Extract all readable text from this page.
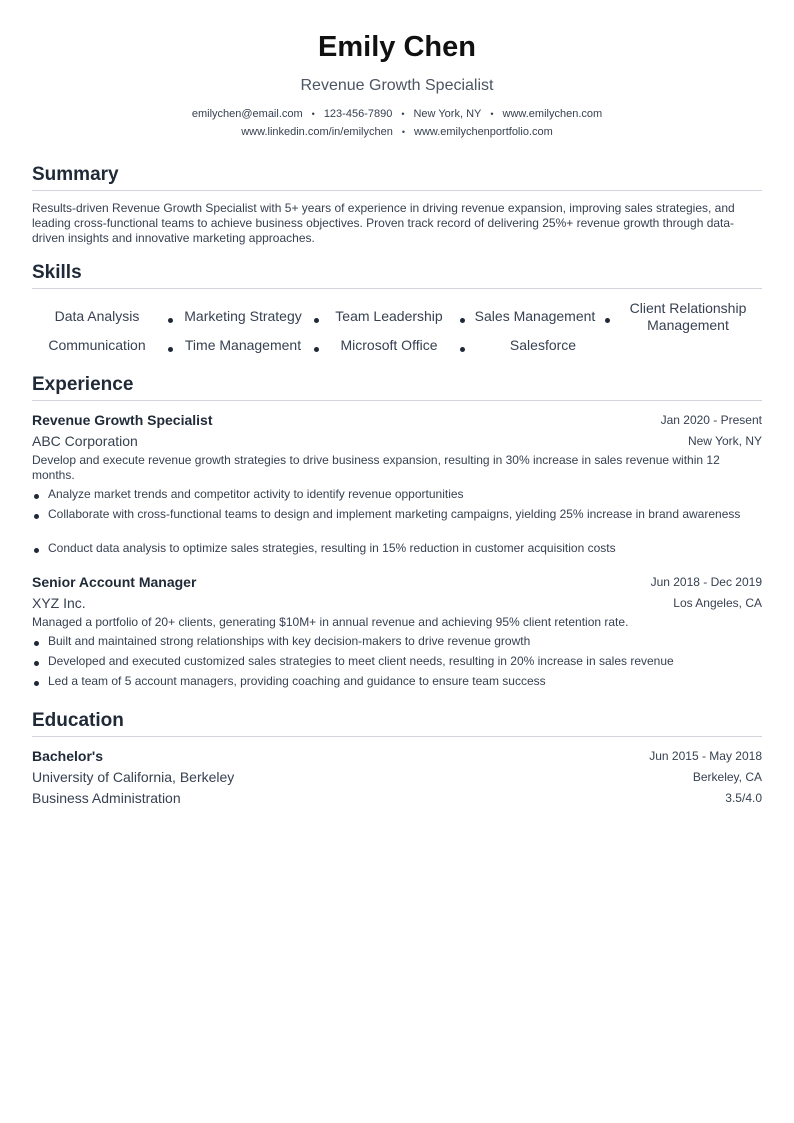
Emily Chen
Revenue Growth Specialist
emilychen@email.com • 123-456-7890 • New York, NY • www.emilychen.com
www.linkedin.com/in/emilychen • www.emilychenportfolio.com
Summary
Results-driven Revenue Growth Specialist with 5+ years of experience in driving revenue expansion, improving sales strategies, and leading cross-functional teams to achieve business objectives. Proven track record of delivering 25%+ revenue growth through data-driven insights and innovative marketing approaches.
Skills
Data Analysis	Marketing Strategy	Team Leadership	Sales Management	Client Relationship Management
Communication	Time Management	Microsoft Office	Salesforce
Experience
Revenue Growth Specialist	Jan 2020 - Present
ABC Corporation	New York, NY
Develop and execute revenue growth strategies to drive business expansion, resulting in 30% increase in sales revenue within 12 months.
Analyze market trends and competitor activity to identify revenue opportunities
Collaborate with cross-functional teams to design and implement marketing campaigns, yielding 25% increase in brand awareness
Conduct data analysis to optimize sales strategies, resulting in 15% reduction in customer acquisition costs
Senior Account Manager	Jun 2018 - Dec 2019
XYZ Inc.	Los Angeles, CA
Managed a portfolio of 20+ clients, generating $10M+ in annual revenue and achieving 95% client retention rate.
Built and maintained strong relationships with key decision-makers to drive revenue growth
Developed and executed customized sales strategies to meet client needs, resulting in 20% increase in sales revenue
Led a team of 5 account managers, providing coaching and guidance to ensure team success
Education
Bachelor's	Jun 2015 - May 2018
University of California, Berkeley	Berkeley, CA
Business Administration	3.5/4.0
